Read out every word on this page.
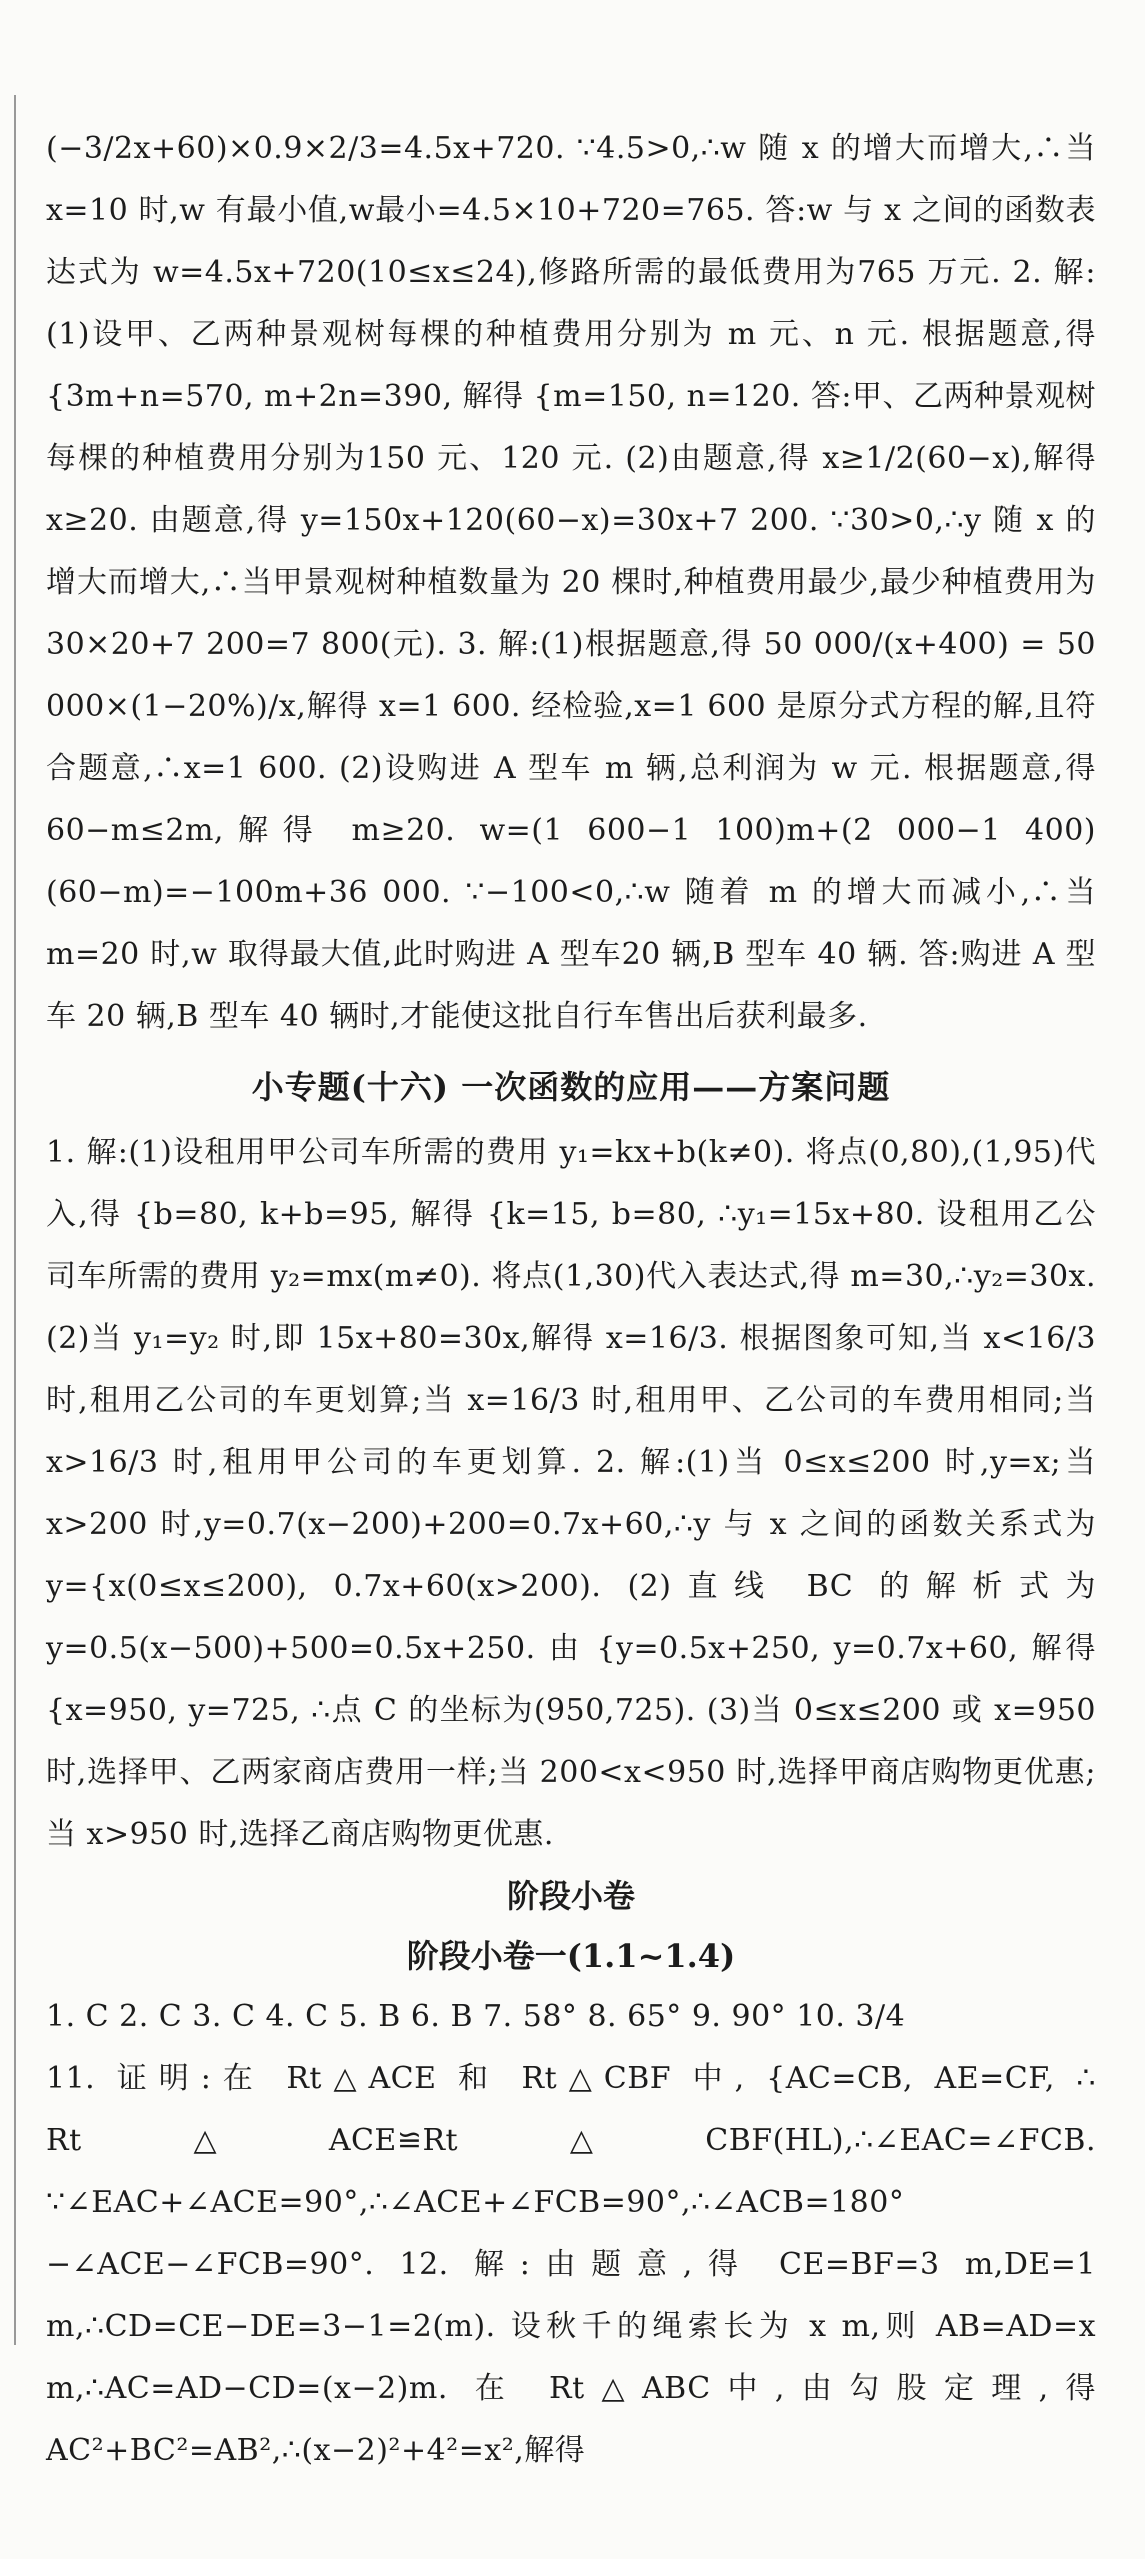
(−3/2x+60)×0.9×2/3=4.5x+720. ∵4.5>0,∴w 随 x 的增大而增大,∴当 x=10 时,w 有最小值,w最小=4.5×10+720=765. 答:w 与 x 之间的函数表达式为 w=4.5x+720(10≤x≤24),修路所需的最低费用为765 万元. 2. 解:(1)设甲、乙两种景观树每棵的种植费用分别为 m 元、n 元. 根据题意,得 {3m+n=570, m+2n=390, 解得 {m=150, n=120. 答:甲、乙两种景观树每棵的种植费用分别为150 元、120 元. (2)由题意,得 x≥1/2(60−x),解得 x≥20. 由题意,得 y=150x+120(60−x)=30x+7 200. ∵30>0,∴y 随 x 的增大而增大,∴当甲景观树种植数量为 20 棵时,种植费用最少,最少种植费用为 30×20+7 200=7 800(元). 3. 解:(1)根据题意,得 50 000/(x+400) = 50 000×(1−20%)/x,解得 x=1 600. 经检验,x=1 600 是原分式方程的解,且符合题意,∴x=1 600. (2)设购进 A 型车 m 辆,总利润为 w 元. 根据题意,得 60−m≤2m,解得 m≥20. w=(1 600−1 100)m+(2 000−1 400)(60−m)=−100m+36 000. ∵−100<0,∴w 随着 m 的增大而减小,∴当 m=20 时,w 取得最大值,此时购进 A 型车20 辆,B 型车 40 辆. 答:购进 A 型车 20 辆,B 型车 40 辆时,才能使这批自行车售出后获利最多.

小专题(十六) 一次函数的应用——方案问题

1. 解:(1)设租用甲公司车所需的费用 y₁=kx+b(k≠0). 将点(0,80),(1,95)代入,得 {b=80, k+b=95, 解得 {k=15, b=80, ∴y₁=15x+80. 设租用乙公司车所需的费用 y₂=mx(m≠0). 将点(1,30)代入表达式,得 m=30,∴y₂=30x. (2)当 y₁=y₂ 时,即 15x+80=30x,解得 x=16/3. 根据图象可知,当 x<16/3 时,租用乙公司的车更划算;当 x=16/3 时,租用甲、乙公司的车费用相同;当 x>16/3 时,租用甲公司的车更划算. 2. 解:(1)当 0≤x≤200 时,y=x;当 x>200 时,y=0.7(x−200)+200=0.7x+60,∴y 与 x 之间的函数关系式为 y={x(0≤x≤200), 0.7x+60(x>200). (2)直线 BC 的解析式为 y=0.5(x−500)+500=0.5x+250. 由 {y=0.5x+250, y=0.7x+60, 解得 {x=950, y=725, ∴点 C 的坐标为(950,725). (3)当 0≤x≤200 或 x=950 时,选择甲、乙两家商店费用一样;当 200<x<950 时,选择甲商店购物更优惠;当 x>950 时,选择乙商店购物更优惠.

阶段小卷
阶段小卷一(1.1~1.4)

1. C 2. C 3. C 4. C 5. B 6. B 7. 58° 8. 65° 9. 90° 10. 3/4

11. 证明:在 Rt△ACE 和 Rt△CBF 中, {AC=CB, AE=CF, ∴ Rt△ACE≌Rt△CBF(HL),∴∠EAC=∠FCB. ∵∠EAC+∠ACE=90°,∴∠ACE+∠FCB=90°,∴∠ACB=180°−∠ACE−∠FCB=90°. 12. 解:由题意,得 CE=BF=3 m,DE=1 m,∴CD=CE−DE=3−1=2(m). 设秋千的绳索长为 x m,则 AB=AD=x m,∴AC=AD−CD=(x−2)m. 在 Rt△ABC中,由勾股定理,得 AC²+BC²=AB²,∴(x−2)²+4²=x²,解得
